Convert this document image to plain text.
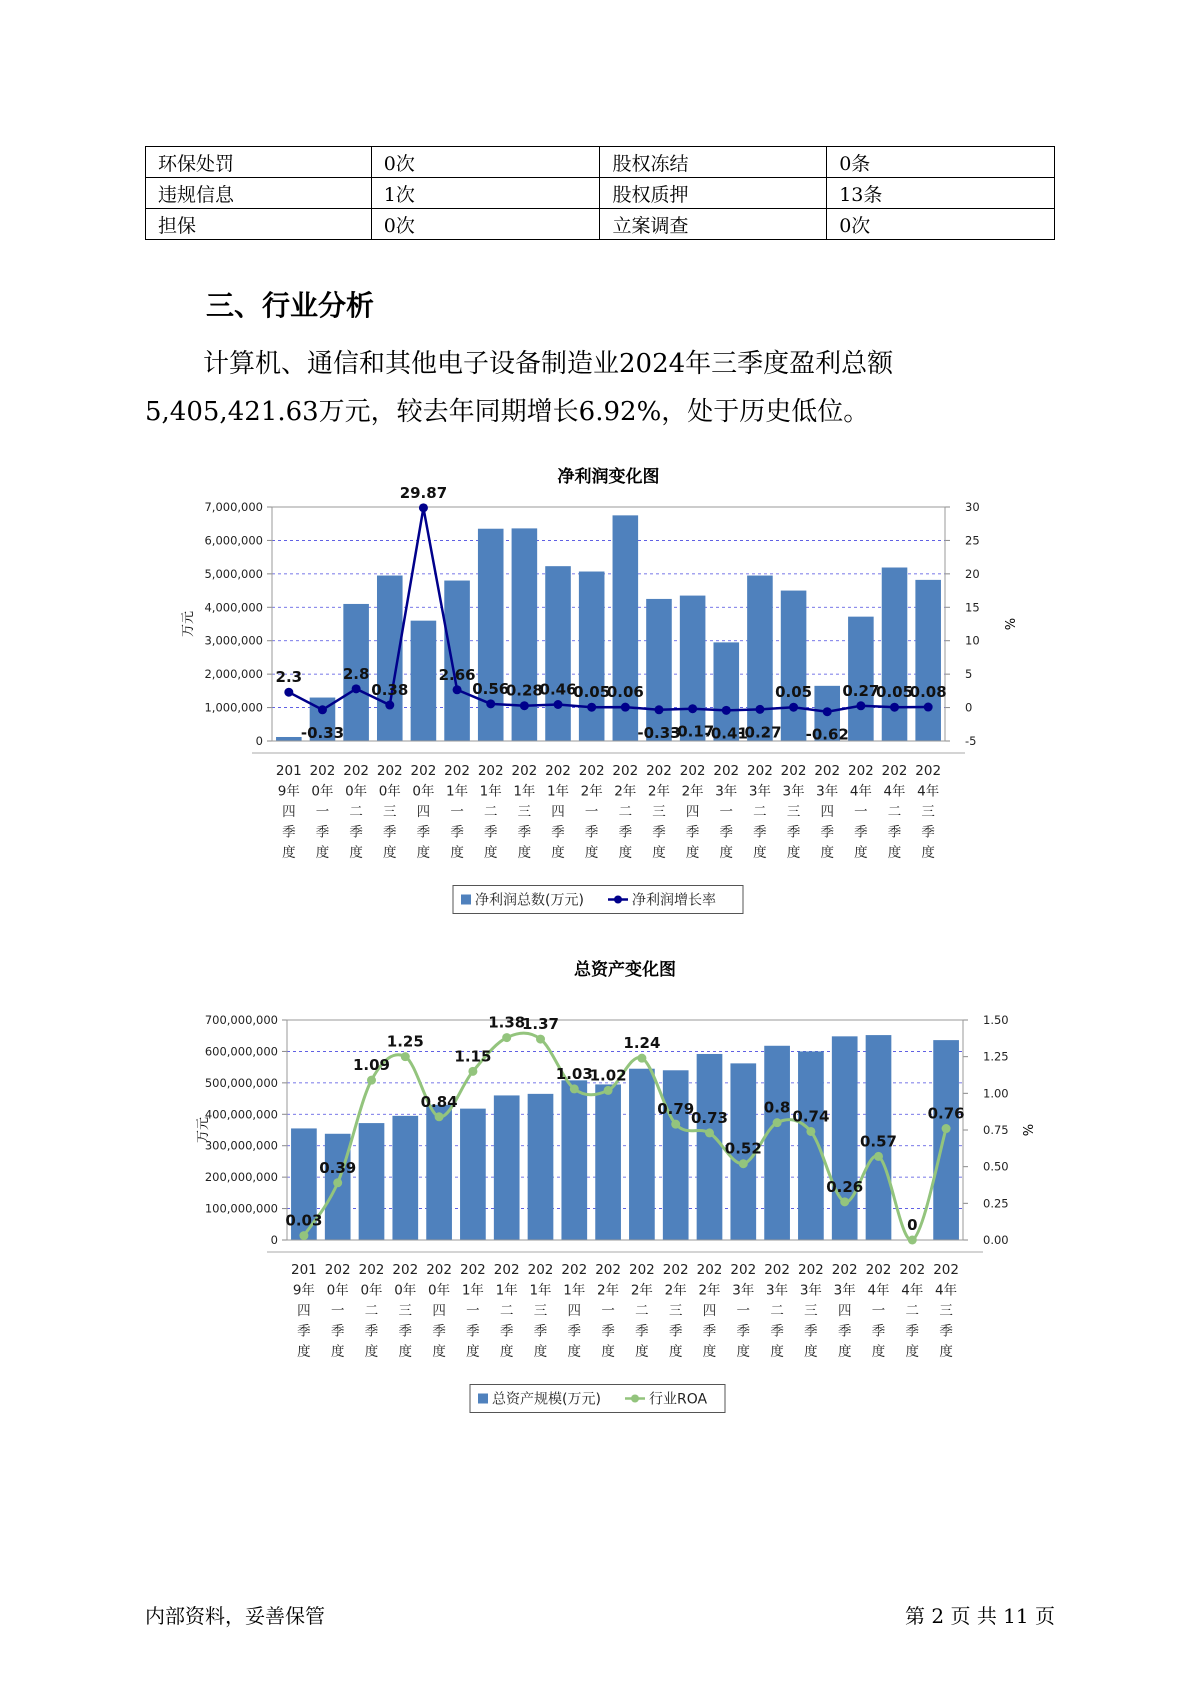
环保处罚	0次	股权冻结	0条
违规信息	1次	股权质押	13条
担保	0次	立案调查	0次
三、行业分析

计算机、通信和其他电子设备制造业2024年三季度盈利总额
5,405,421.63万元，较去年同期增长6.92%，处于历史低位。

净利润变化图
0
1,000,000
2,000,000
3,000,000
4,000,000
5,000,000
6,000,000
7,000,000
-5
0
5
10
15
20
25
30
万元	%
2.3
-0.33
2.8
0.38
29.87
2.66
0.56
0.28
0.46
0.05
0.06
-0.33
-0.17
-0.41
-0.27
0.05
-0.62
0.27
0.05
0.08
201
9年
四
季
度
202
0年
一
季
度
202
0年
二
季
度
202
0年
三
季
度
202
0年
四
季
度
202
1年
一
季
度
202
1年
二
季
度
202
1年
三
季
度
202
1年
四
季
度
202
2年
一
季
度
202
2年
二
季
度
202
2年
三
季
度
202
2年
四
季
度
202
3年
一
季
度
202
3年
二
季
度
202
3年
三
季
度
202
3年
四
季
度
202
4年
一
季
度
202
4年
二
季
度
202
4年
三
季
度
净利润总数(万元)	净利润增长率
总资产变化图
0
100,000,000
200,000,000
300,000,000
400,000,000
500,000,000
600,000,000
700,000,000
0.00
0.25
0.50
0.75
1.00
1.25
1.50
万元	%
0.03
0.39
1.09
1.25
0.84
1.15
1.38
1.37
1.03
1.02
1.24
0.79
0.73
0.52
0.8 0.74
0.26
0.57
0
0.76
201
9年
四
季
度
202
0年
一
季
度
202
0年
二
季
度
202
0年
三
季
度
202
0年
四
季
度
202
1年
一
季
度
202
1年
二
季
度
202
1年
三
季
度
202
1年
四
季
度
202
2年
一
季
度
202
2年
二
季
度
202
2年
三
季
度
202
2年
四
季
度
202
3年
一
季
度
202
3年
二
季
度
202
3年
三
季
度
202
3年
四
季
度
202
4年
一
季
度
202
4年
二
季
度
202
4年
三
季
度
总资产规模(万元)	行业ROA
内部资料，妥善保管	第 2 页 共 11 页
